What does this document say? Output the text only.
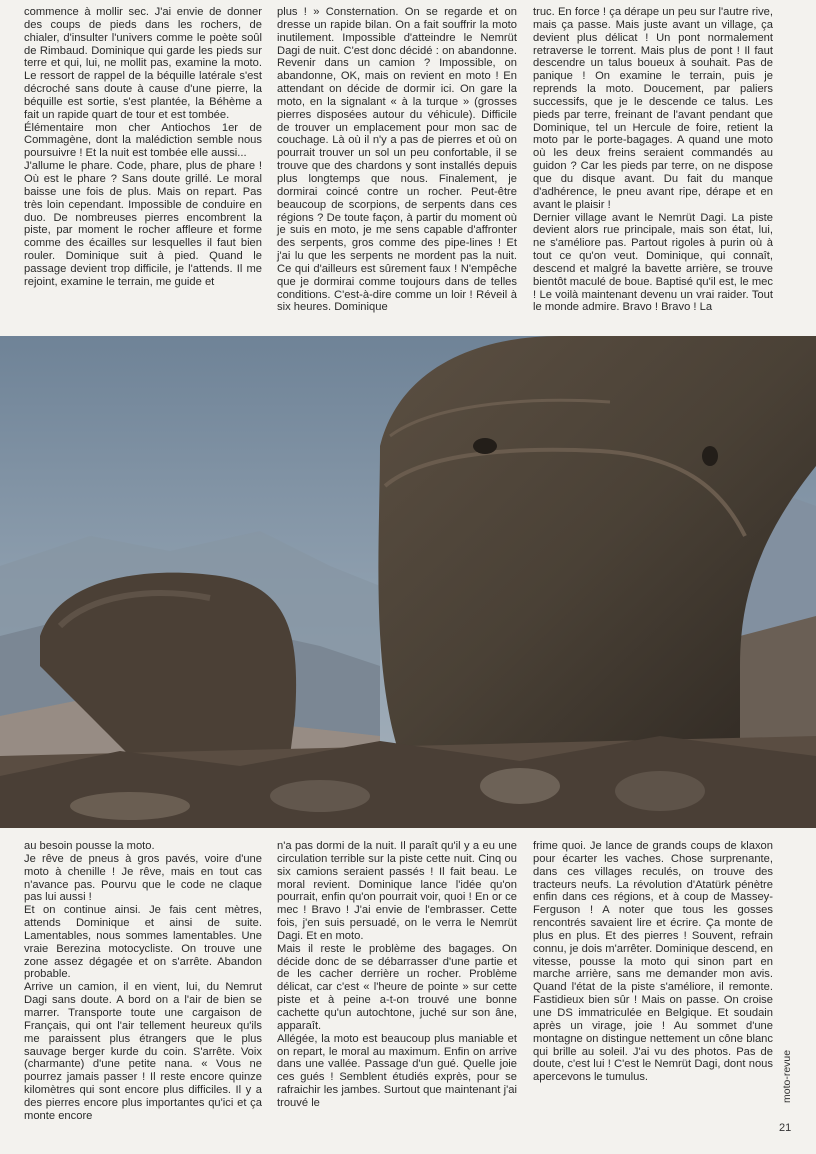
commence à mollir sec. J'ai envie de donner des coups de pieds dans les rochers, de chialer, d'insulter l'univers comme le poète soûl de Rimbaud. Dominique qui garde les pieds sur terre et qui, lui, ne mollit pas, examine la moto. Le ressort de rappel de la béquille latérale s'est décroché sans doute à cause d'une pierre, la béquille est sortie, s'est plantée, la Béhème a fait un rapide quart de tour et est tombée.

Élémentaire mon cher Antiochos 1er de Commagène, dont la malédiction semble nous poursuivre ! Et la nuit est tombée elle aussi...

J'allume le phare. Code, phare, plus de phare ! Où est le phare ? Sans doute grillé. Le moral baisse une fois de plus. Mais on repart. Pas très loin cependant. Impossible de conduire en duo. De nombreuses pierres encombrent la piste, par moment le rocher affleure et forme comme des écailles sur lesquelles il faut bien rouler. Dominique suit à pied. Quand le passage devient trop difficile, je l'attends. Il me rejoint, examine le terrain, me guide et

plus ! » Consternation. On se regarde et on dresse un rapide bilan. On a fait souffrir la moto inutilement. Impossible d'atteindre le Nemrüt Dagi de nuit. C'est donc décidé : on abandonne. Revenir dans un camion ? Impossible, on abandonne, OK, mais on revient en moto ! En attendant on décide de dormir ici. On gare la moto, en la signalant « à la turque » (grosses pierres disposées autour du véhicule). Difficile de trouver un emplacement pour mon sac de couchage. Là où il n'y a pas de pierres et où on pourrait trouver un sol un peu confortable, il se trouve que des chardons y sont installés depuis plus longtemps que nous. Finalement, je dormirai coincé contre un rocher. Peut-être beaucoup de scorpions, de serpents dans ces régions ? De toute façon, à partir du moment où je suis en moto, je me sens capable d'affronter des serpents, gros comme des pipe-lines ! Et j'ai lu que les serpents ne mordent pas la nuit. Ce qui d'ailleurs est sûrement faux ! N'empêche que je dormirai comme toujours dans de telles conditions. C'est-à-dire comme un loir ! Réveil à six heures. Dominique

truc. En force ! ça dérape un peu sur l'autre rive, mais ça passe. Mais juste avant un village, ça devient plus délicat ! Un pont normalement retraverse le torrent. Mais plus de pont ! Il faut descendre un talus boueux à souhait. Pas de panique ! On examine le terrain, puis je reprends la moto. Doucement, par paliers successifs, que je le descende ce talus. Les pieds par terre, freinant de l'avant pendant que Dominique, tel un Hercule de foire, retient la moto par le porte-bagages. A quand une moto où les deux freins seraient commandés au guidon ? Car les pieds par terre, on ne dispose que du disque avant. Du fait du manque d'adhérence, le pneu avant ripe, dérape et en avant le plaisir !

Dernier village avant le Nemrüt Dagi. La piste devient alors rue principale, mais son état, lui, ne s'améliore pas. Partout rigoles à purin où à tout ce qu'on veut. Dominique, qui connaît, descend et malgré la bavette arrière, se trouve bientôt maculé de boue. Baptisé qu'il est, le mec ! Le voilà maintenant devenu un vrai raider. Tout le monde admire. Bravo ! Bravo ! La

au besoin pousse la moto.

Je rêve de pneus à gros pavés, voire d'une moto à chenille ! Je rêve, mais en tout cas n'avance pas. Pourvu que le code ne claque pas lui aussi !

Et on continue ainsi. Je fais cent mètres, attends Dominique et ainsi de suite. Lamentables, nous sommes lamentables. Une vraie Berezina motocycliste. On trouve une zone assez dégagée et on s'arrête. Abandon probable.

Arrive un camion, il en vient, lui, du Nemrut Dagi sans doute. A bord on a l'air de bien se marrer. Transporte toute une cargaison de Français, qui ont l'air tellement heureux qu'ils me paraissent plus étrangers que le plus sauvage berger kurde du coin. S'arrête. Voix (charmante) d'une petite nana. « Vous ne pourrez jamais passer ! Il reste encore quinze kilomètres qui sont encore plus difficiles. Il y a des pierres encore plus importantes qu'ici et ça monte encore

n'a pas dormi de la nuit. Il paraît qu'il y a eu une circulation terrible sur la piste cette nuit. Cinq ou six camions seraient passés ! Il fait beau. Le moral revient. Dominique lance l'idée qu'on pourrait, enfin qu'on pourrait voir, quoi ! En or ce mec ! Bravo ! J'ai envie de l'embrasser. Cette fois, j'en suis persuadé, on le verra le Nemrüt Dagi. Et en moto.

Mais il reste le problème des bagages. On décide donc de se débarrasser d'une partie et de les cacher derrière un rocher. Problème délicat, car c'est « l'heure de pointe » sur cette piste et à peine a-t-on trouvé une bonne cachette qu'un autochtone, juché sur son âne, apparaît.

Allégée, la moto est beaucoup plus maniable et on repart, le moral au maximum. Enfin on arrive dans une vallée. Passage d'un gué. Quelle joie ces gués ! Semblent étudiés exprès, pour se rafraichir les jambes. Surtout que maintenant j'ai trouvé le

frime quoi. Je lance de grands coups de klaxon pour écarter les vaches. Chose surprenante, dans ces villages reculés, on trouve des tracteurs neufs. La révolution d'Atatürk pénètre enfin dans ces régions, et à coup de Massey-Ferguson ! A noter que tous les gosses rencontrés savaient lire et écrire. Ça monte de plus en plus. Et des pierres ! Souvent, refrain connu, je dois m'arrêter. Dominique descend, en vitesse, pousse la moto qui sinon part en marche arrière, sans me demander mon avis. Quand l'état de la piste s'améliore, il remonte. Fastidieux bien sûr ! Mais on passe. On croise une DS immatriculée en Belgique. Et soudain après un virage, joie ! Au sommet d'une montagne on distingue nettement un cône blanc qui brille au soleil. J'ai vu des photos. Pas de doute, c'est lui ! C'est le Nemrüt Dagi, dont nous apercevons le tumulus.	moto-revue
21
